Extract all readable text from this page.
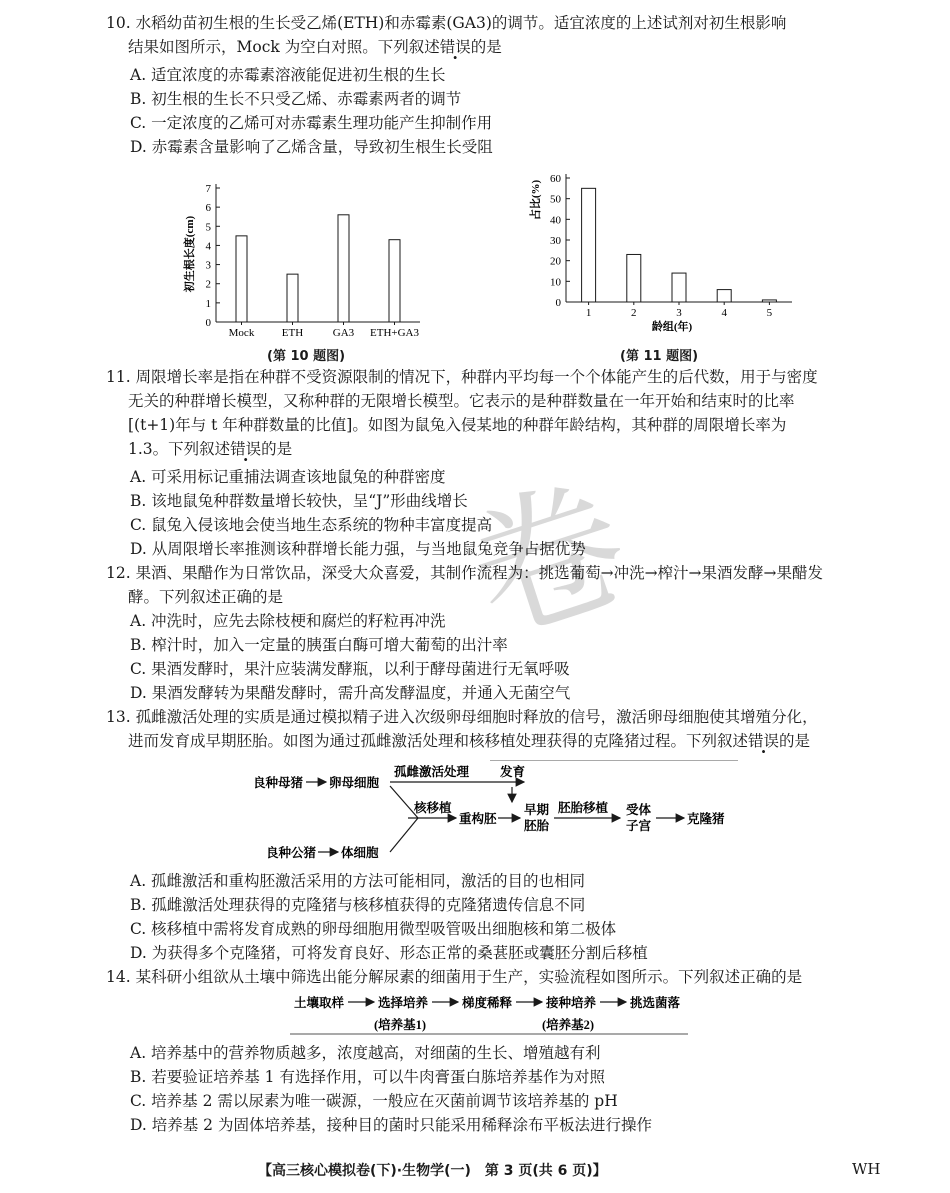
卷
10. 水稻幼苗初生根的生长受乙烯(ETH)和赤霉素(GA3)的调节。适宜浓度的上述试剂对初生根影响
结果如图所示，Mock 为空白对照。下列叙述错误的是
A. 适宜浓度的赤霉素溶液能促进初生根的生长
B. 初生根的生长不只受乙烯、赤霉素两者的调节
C. 一定浓度的乙烯可对赤霉素生理功能产生抑制作用
D. 赤霉素含量影响了乙烯含量，导致初生根生长受阻
初生根长度(cm)
0
1
2
3
4
5
6
7
Mock ETH	GA3 ETH+GA3
(第 10 题图)
占比(%)
龄组(年)
0
10
20
30
40
50
60
1	2	3	4	5
(第 11 题图)
11. 周限增长率是指在种群不受资源限制的情况下，种群内平均每一个个体能产生的后代数，用于与密度
无关的种群增长模型，又称种群的无限增长模型。它表示的是种群数量在一年开始和结束时的比率
[(t+1)年与 t 年种群数量的比值]。如图为鼠兔入侵某地的种群年龄结构，其种群的周限增长率为
1.3。下列叙述错误的是
A. 可采用标记重捕法调查该地鼠兔的种群密度
B. 该地鼠兔种群数量增长较快，呈“J”形曲线增长
C. 鼠兔入侵该地会使当地生态系统的物种丰富度提高
D. 从周限增长率推测该种群增长能力强，与当地鼠兔竞争占据优势
12. 果酒、果醋作为日常饮品，深受大众喜爱，其制作流程为：挑选葡萄→冲洗→榨汁→果酒发酵→果醋发
酵。下列叙述正确的是
A. 冲洗时，应先去除枝梗和腐烂的籽粒再冲洗
B. 榨汁时，加入一定量的胰蛋白酶可增大葡萄的出汁率
C. 果酒发酵时，果汁应装满发酵瓶，以利于酵母菌进行无氧呼吸
D. 果酒发酵转为果醋发酵时，需升高发酵温度，并通入无菌空气
13. 孤雌激活处理的实质是通过模拟精子进入次级卵母细胞时释放的信号，激活卵母细胞使其增殖分化，
进而发育成早期胚胎。如图为通过孤雌激活处理和核移植处理获得的克隆猪过程。下列叙述错误的是
良种母猪 卵母细胞
孤雌激活处理 发育
核移植
重构胚
早期
胚胎
胚胎移植 受体
子宫	克隆猪
良种公猪 体细胞
A. 孤雌激活和重构胚激活采用的方法可能相同，激活的目的也相同
B. 孤雌激活处理获得的克隆猪与核移植获得的克隆猪遗传信息不同
C. 核移植中需将发育成熟的卵母细胞用微型吸管吸出细胞核和第二极体
D. 为获得多个克隆猪，可将发育良好、形态正常的桑葚胚或囊胚分割后移植
14. 某科研小组欲从土壤中筛选出能分解尿素的细菌用于生产，实验流程如图所示。下列叙述正确的是
土壤取样	选择培养	梯度稀释	接种培养	挑选菌落
(培养基1)	(培养基2)
A. 培养基中的营养物质越多，浓度越高，对细菌的生长、增殖越有利
B. 若要验证培养基 1 有选择作用，可以牛肉膏蛋白胨培养基作为对照
C. 培养基 2 需以尿素为唯一碳源，一般应在灭菌前调节该培养基的 pH
D. 培养基 2 为固体培养基，接种目的菌时只能采用稀释涂布平板法进行操作
【高三核心模拟卷(下)·生物学(一)　第 3 页(共 6 页)】	WH
